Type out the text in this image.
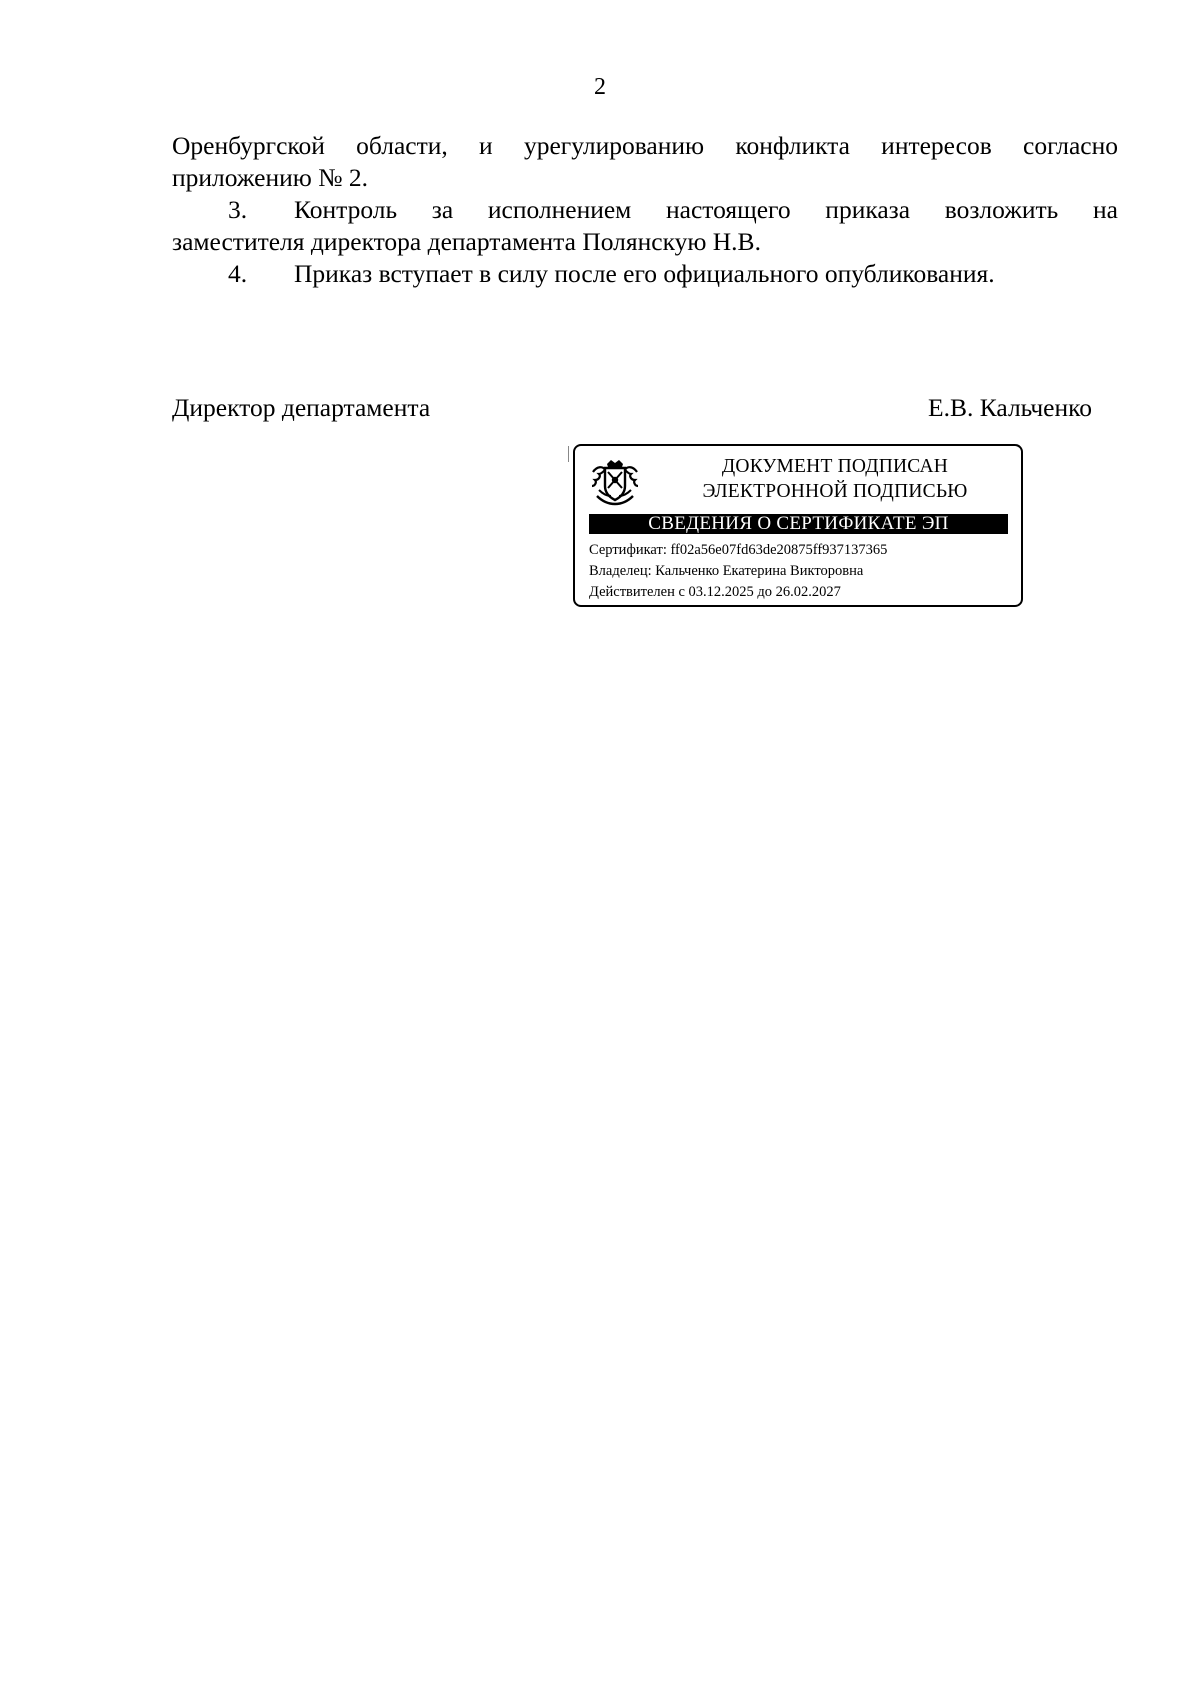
2
Оренбургской области, и урегулированию конфликта интересов согласно
приложению № 2.
3. Контроль за исполнением настоящего приказа возложить на
заместителя директора департамента Полянскую Н.В.
4. Приказ вступает в силу после его официального опубликования.
Директор департамента	Е.В. Кальченко
ДОКУМЕНТ ПОДПИСАН
ЭЛЕКТРОННОЙ ПОДПИСЬЮ
СВЕДЕНИЯ О СЕРТИФИКАТЕ ЭП
Сертификат: ff02a56e07fd63de20875ff937137365
Владелец: Кальченко Екатерина Викторовна
Действителен с 03.12.2025 до 26.02.2027
